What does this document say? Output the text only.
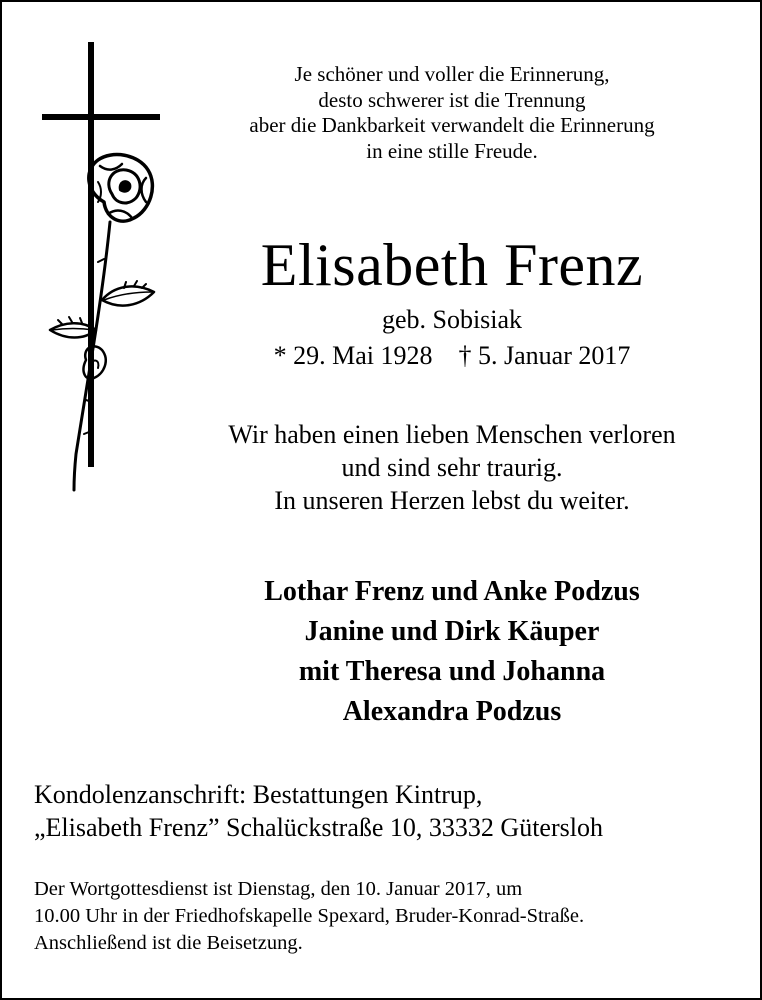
Je schöner und voller die Erinnerung,
desto schwerer ist die Trennung
aber die Dankbarkeit verwandelt die Erinnerung
in eine stille Freude.
Elisabeth Frenz
geb. Sobisiak
* 29. Mai 1928 † 5. Januar 2017
Wir haben einen lieben Menschen verloren
und sind sehr traurig.
In unseren Herzen lebst du weiter.
Lothar Frenz und Anke Podzus
Janine und Dirk Käuper
mit Theresa und Johanna
Alexandra Podzus
Kondolenzanschrift: Bestattungen Kintrup,
„Elisabeth Frenz” Schalückstraße 10, 33332 Gütersloh
Der Wortgottesdienst ist Dienstag, den 10. Januar 2017, um
10.00 Uhr in der Friedhofskapelle Spexard, Bruder-Konrad-Straße.
Anschließend ist die Beisetzung.
